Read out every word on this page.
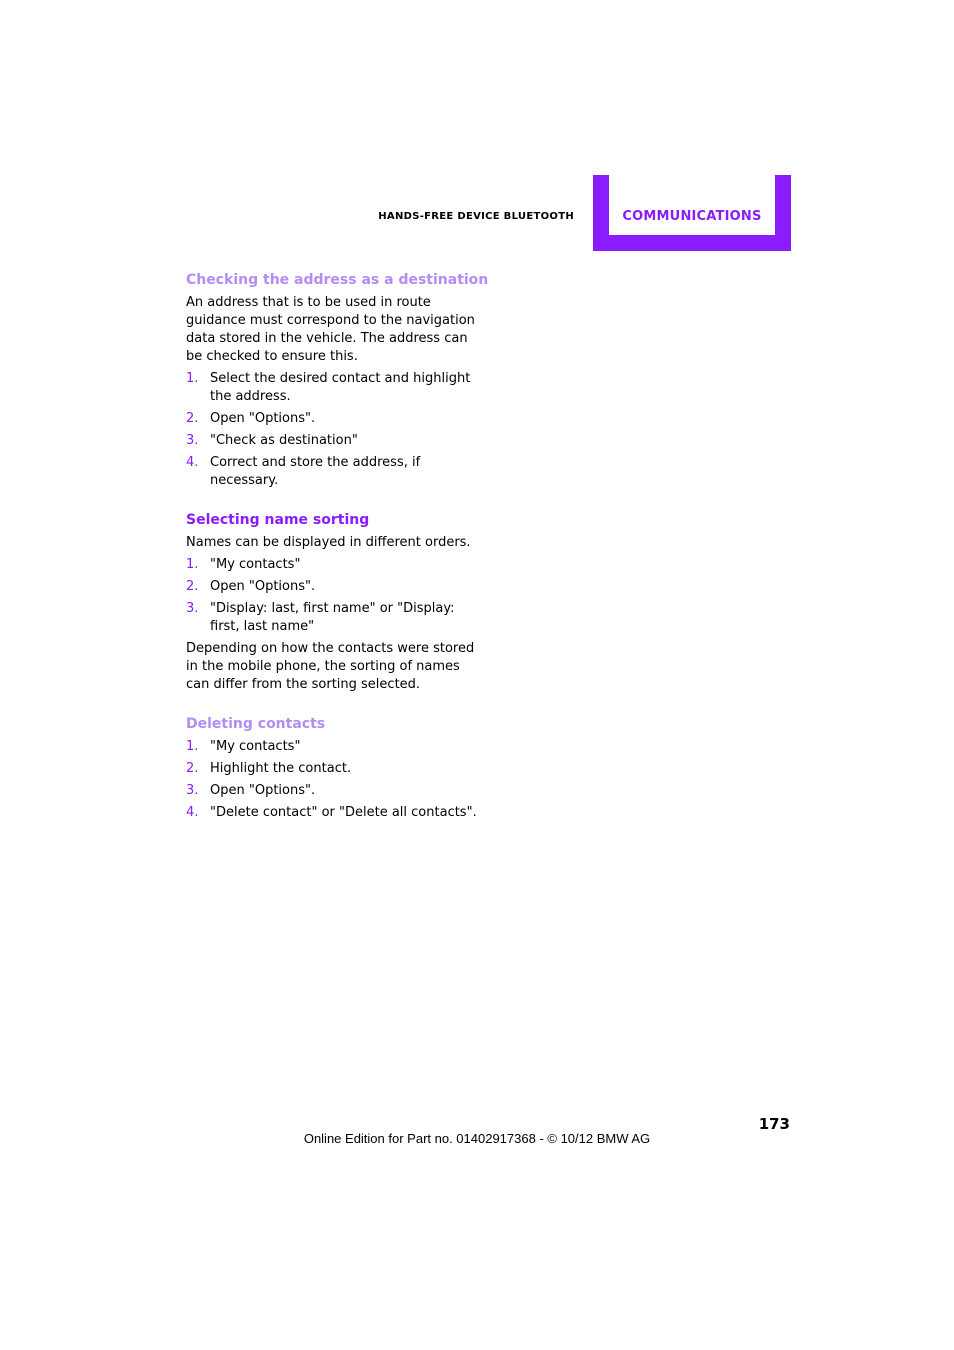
HANDS-FREE DEVICE BLUETOOTH	COMMUNICATIONS
Checking the address as a destination

An address that is to be used in route guidance must correspond to the navigation data stored in the vehicle. The address can be checked to ensure this.

1. Select the desired contact and highlight the address.
2. Open "Options".
3. "Check as destination"
4. Correct and store the address, if necessary.
Selecting name sorting

Names can be displayed in different orders.

1. "My contacts"
2. Open "Options".
3. "Display: last, first name" or "Display: first, last name"

Depending on how the contacts were stored in the mobile phone, the sorting of names can differ from the sorting selected.

Deleting contacts
1. "My contacts"
2. Highlight the contact.
3. Open "Options".
4. "Delete contact" or "Delete all contacts".
173
Online Edition for Part no. 01402917368 - © 10/12 BMW AG
